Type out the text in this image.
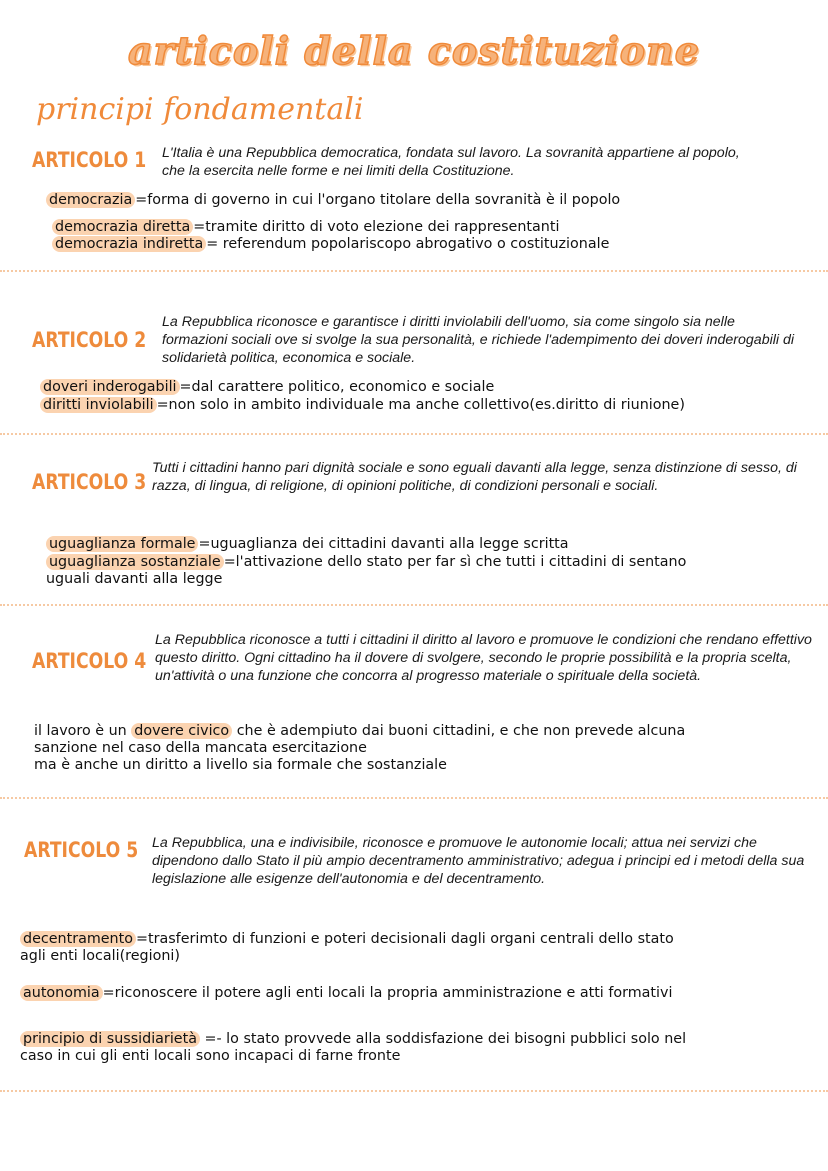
articoli della costituzione
principi fondamentali
ARTICOLO 1 L'Italia è una Repubblica democratica, fondata sul lavoro. La sovranità appartiene al popolo, che la esercita nelle forme e nei limiti della Costituzione.
democrazia =forma di governo in cui l'organo titolare della sovranità è il popolo
democrazia diretta =tramite diritto di voto elezione dei rappresentanti
democrazia indiretta = referendum popolariscopo abrogativo o costituzionale
ARTICOLO 2
La Repubblica riconosce e garantisce i diritti inviolabili dell'uomo, sia come singolo sia nelle formazioni sociali ove si svolge la sua personalità, e richiede l'adempimento dei doveri inderogabili di solidarietà politica, economica e sociale.
doveri inderogabili =dal carattere politico, economico e sociale
diritti inviolabili =non solo in ambito individuale ma anche collettivo(es.diritto di riunione)
ARTICOLO 3
Tutti i cittadini hanno pari dignità sociale e sono eguali davanti alla legge, senza distinzione di sesso, di razza, di lingua, di religione, di opinioni politiche, di condizioni personali e sociali.
uguaglianza formale =uguaglianza dei cittadini davanti alla legge scritta
uguaglianza sostanziale =l'attivazione dello stato per far sì che tutti i cittadini di sentano
uguali davanti alla legge
ARTICOLO 4
La Repubblica riconosce a tutti i cittadini il diritto al lavoro e promuove le condizioni che rendano effettivo questo diritto. Ogni cittadino ha il dovere di svolgere, secondo le proprie possibilità e la propria scelta, un'attività o una funzione che concorra al progresso materiale o spirituale della società.
il lavoro è un dovere civico che è adempiuto dai buoni cittadini, e che non prevede alcuna
sanzione nel caso della mancata esercitazione
ma è anche un diritto a livello sia formale che sostanziale
ARTICOLO 5 La Repubblica, una e indivisibile, riconosce e promuove le autonomie locali; attua nei servizi che dipendono dallo Stato il più ampio decentramento amministrativo; adegua i principi ed i metodi della sua legislazione alle esigenze dell'autonomia e del decentramento.
decentramento =trasferimto di funzioni e poteri decisionali dagli organi centrali dello stato
agli enti locali(regioni)
autonomia =riconoscere il potere agli enti locali la propria amministrazione e atti formativi
principio di sussidiarietà =- lo stato provvede alla soddisfazione dei bisogni pubblici solo nel
caso in cui gli enti locali sono incapaci di farne fronte
